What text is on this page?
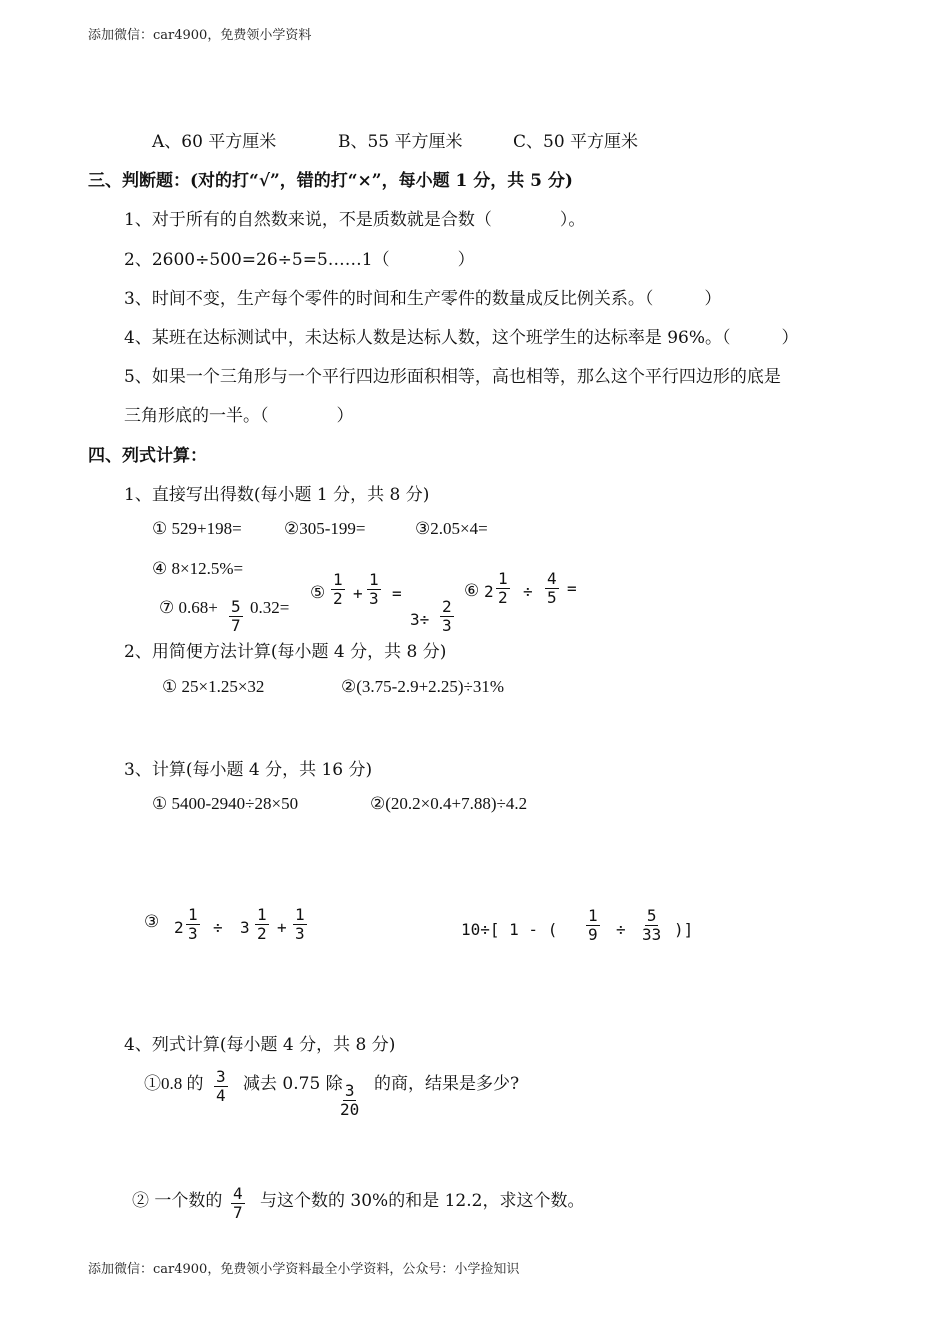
添加微信：car4900，免费领小学资料
A、60 平方厘米	B、55 平方厘米	C、50 平方厘米
三、判断题：(对的打“√”，错的打“×”，每小题 1 分，共 5 分)
1、对于所有的自然数来说，不是质数就是合数（　　　　）。
2、2600÷500=26÷5=5……1（　　　　）
3、时间不变，生产每个零件的时间和生产零件的数量成反比例关系。（　　　）
4、某班在达标测试中，未达标人数是达标人数，这个班学生的达标率是 96%。（　　　）
5、如果一个三角形与一个平行四边形面积相等，高也相等，那么这个平行四边形的底是
三角形底的一半。（　　　　）
四、列式计算：
1、直接写出得数(每小题 1 分，共 8 分)
① 529+198= ②305-199=	③2.05×4=
④ 8×12.5%=
⑤ $\frac{1}{2} + \frac{1}{3}$ =
$3\div \frac{2}{3}$
⑥ $2 \frac{1}{2} \div \frac{4}{5}$ =
⑦ $0.68+ \frac{5}{7} 0.32=$
2、用简便方法计算(每小题 4 分，共 8 分)
① 25×1.25×32	②(3.75-2.9+2.25)÷31%
3、计算(每小题 4 分，共 16 分)
① 5400-2940÷28×50	②(20.2×0.4+7.88)÷4.2
③ $2 \frac{1}{3} \div 3 \frac{1}{2} + \frac{1}{3}$	10÷[ 1 - ( $\frac{1}{9} \div \frac{5}{33}$ )]
4、列式计算(每小题 4 分，共 8 分)
①0.8 的 $\frac{3}{4}$ 减去 0.75 除
$\frac{3}{20}$ 的商，结果是多少?
② 一个数的 $\frac{4}{7}$ 与这个数的 30%的和是 12.2，求这个数。
添加微信：car4900，免费领小学资料最全小学资料，公众号：小学捡知识
